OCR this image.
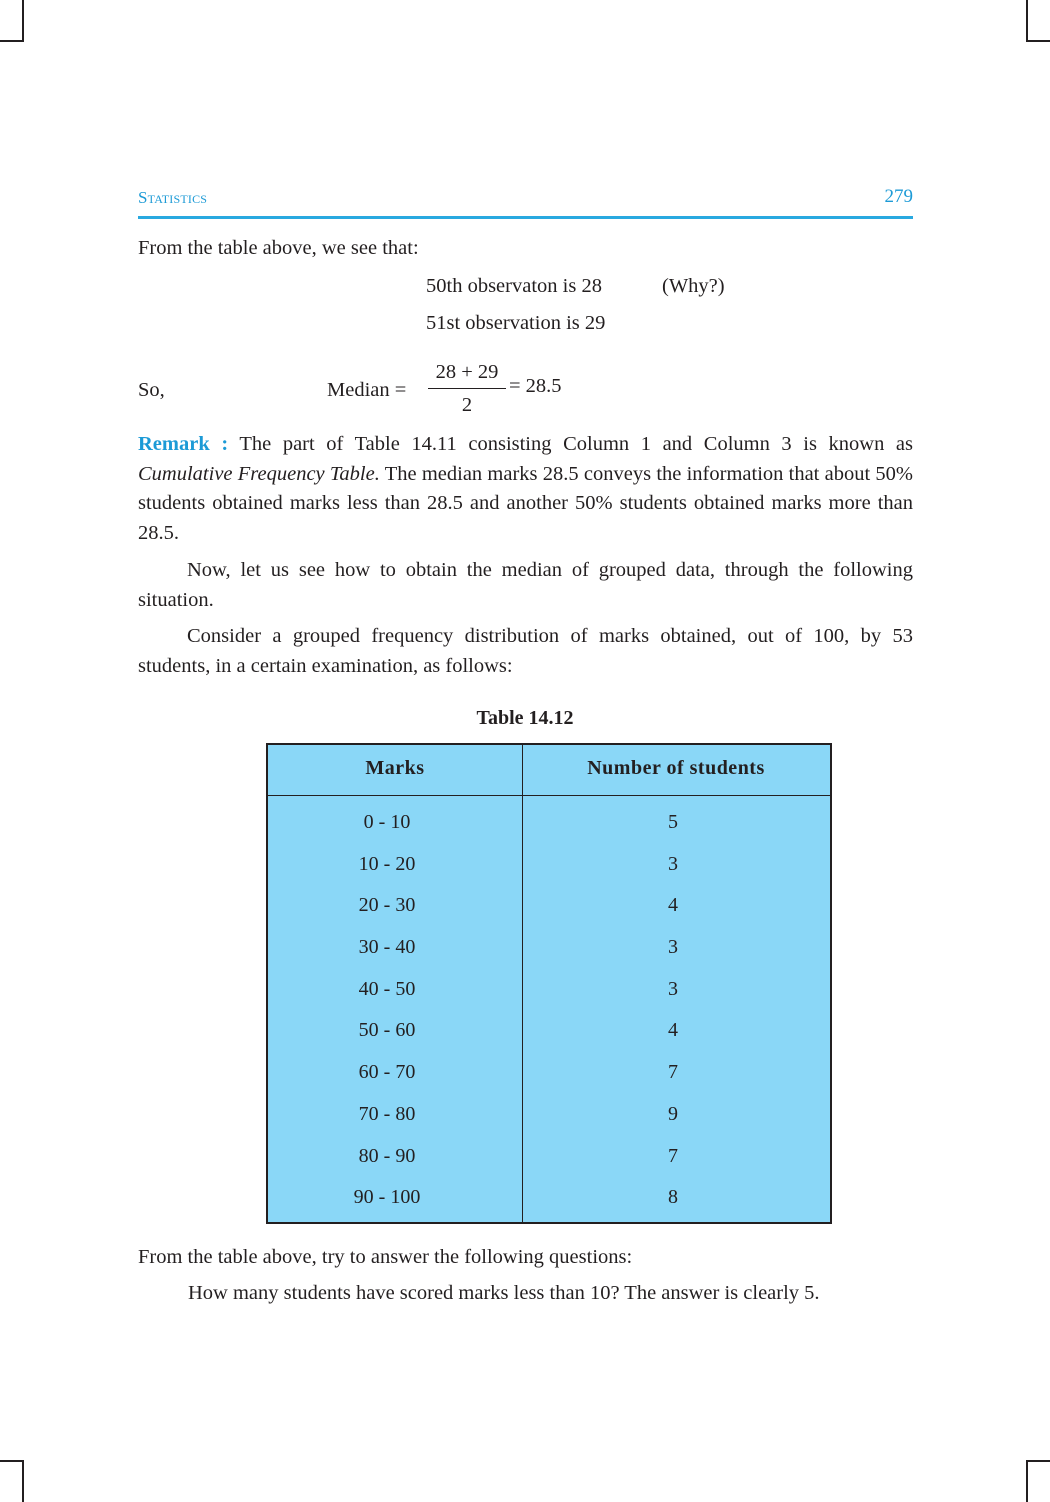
Statistics	279
From the table above, we see that:
50th observaton is 28	(Why?)
51st observation is 29
So,	Median =
28 + 29
2
= 28.5
Remark : The part of Table 14.11 consisting Column 1 and Column 3 is known as Cumulative Frequency Table. The median marks 28.5 conveys the information that about 50% students obtained marks less than 28.5 and another 50% students obtained marks more than 28.5.
Now, let us see how to obtain the median of grouped data, through the following situation.
Consider a grouped frequency distribution of marks obtained, out of 100, by 53 students, in a certain examination, as follows:
Table 14.12
Marks	Number of students
0 - 10	5
10 - 20	3
20 - 30	4
30 - 40	3
40 - 50	3
50 - 60	4
60 - 70	7
70 - 80	9
80 - 90	7
90 - 100	8
From the table above, try to answer the following questions:
How many students have scored marks less than 10? The answer is clearly 5.
